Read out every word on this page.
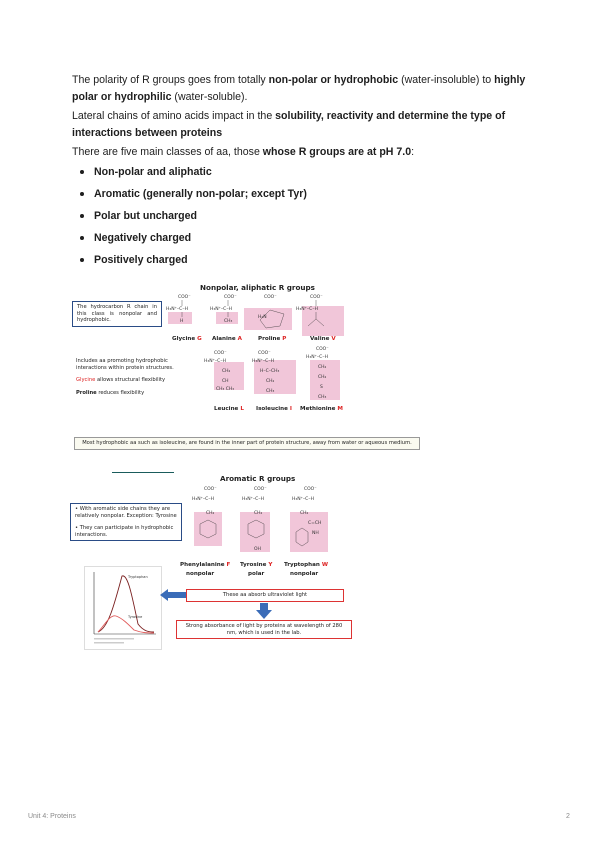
The polarity of R groups goes from totally non-polar or hydrophobic (water-insoluble) to highly polar or hydrophilic (water-soluble).
Lateral chains of amino acids impact in the solubility, reactivity and determine the type of interactions between proteins
There are five main classes of aa, those whose R groups are at pH 7.0:
Non-polar and aliphatic
Aromatic (generally non-polar; except Tyr)
Polar but uncharged
Negatively charged
Positively charged
Nonpolar, aliphatic R groups
The hydrocarbon R chain in this class is nonpolar and hydrophobic.
COO⁻
H₃N⁺–C–H
H
COO⁻
H₃N⁺–C–H
CH₃
COO⁻
H₂N
COO⁻
H₃N⁺–C–H
COO⁻
H₃N⁺–C–H
CH₂
CH
CH₃ CH₃
COO⁻
H₃N⁺–C–H
H–C–CH₃
CH₂
CH₃
COO⁻
H₃N⁺–C–H
CH₂
CH₂
S
CH₃
Glycine G Alanine A	Proline P	Valine V
Leucine L Isoleucine I Methionine M
Includes aa promoting hydrophobic interactions within protein structures.
Glycine allows structural flexibility
Proline reduces flexibility
Most hydrophobic aa such as isoleucine, are found in the inner part of protein structure, away from water or aqueous medium.
Aromatic R groups
• With aromatic side chains they are relatively nonpolar. Exception: Tyrosine
• They can participate in hydrophobic interactions.
COO⁻
H₃N⁺–C–H
CH₂
COO⁻
H₃N⁺–C–H
CH₂
OH
COO⁻
H₃N⁺–C–H
CH₂
C=CH
NH
Phenylalanine F
nonpolar
Tyrosine Y
polar
Tryptophan W
nonpolar
Tryptophan
Tyrosine
These aa absorb ultraviolet light
Strong absorbance of light by proteins at wavelength of 280 nm, which is used in the lab.
Unit 4: Proteins	2
